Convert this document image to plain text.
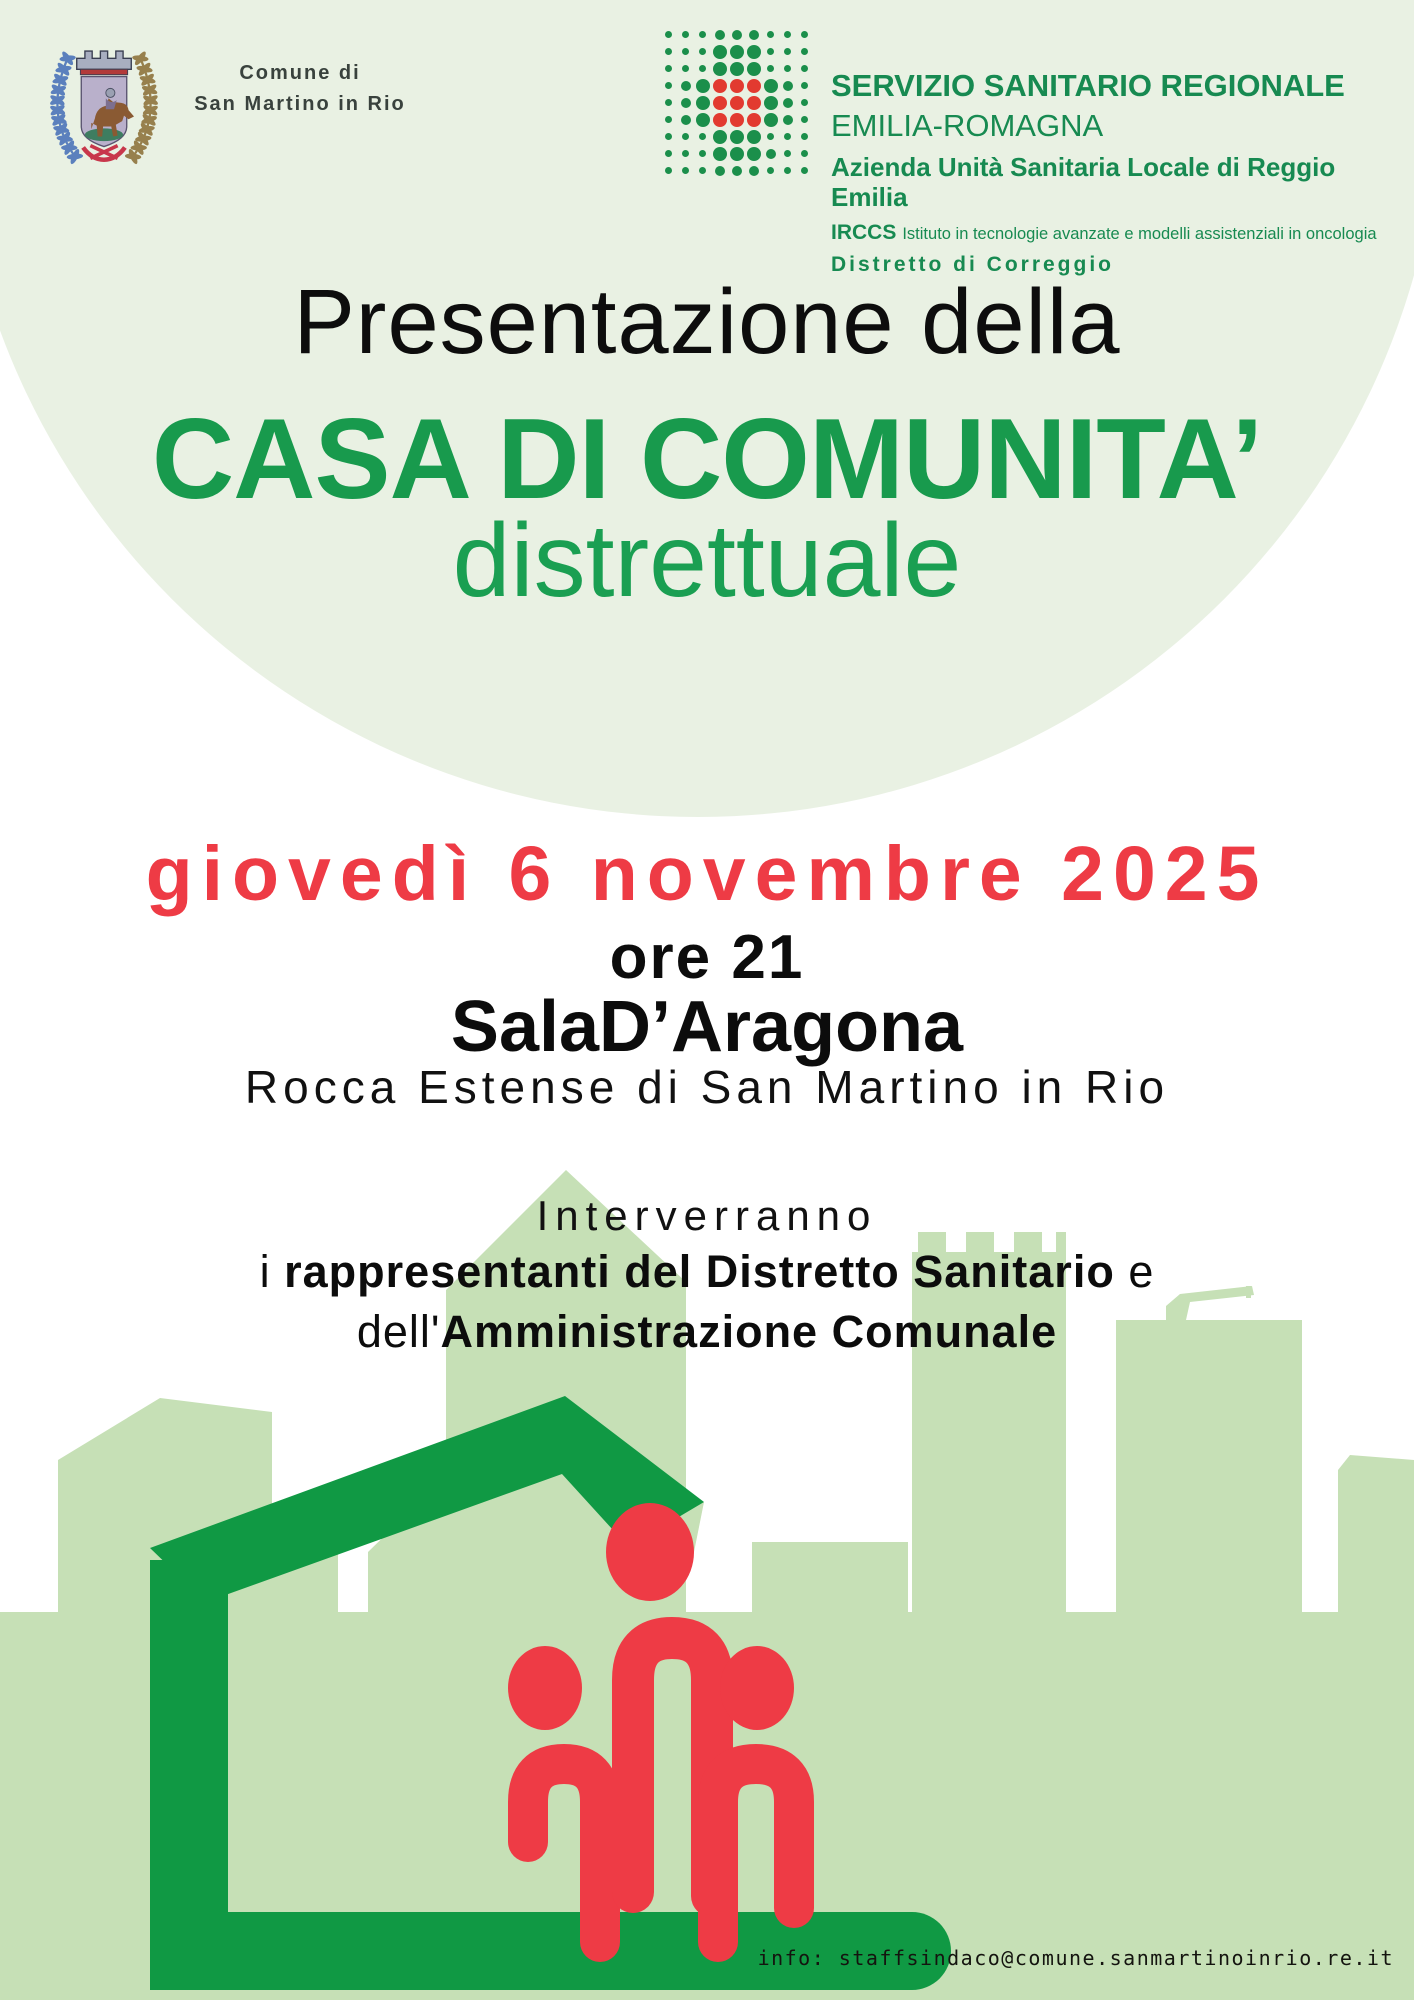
Comune di
San Martino in Rio
SERVIZIO SANITARIO REGIONALE
EMILIA-ROMAGNA
Azienda Unità Sanitaria Locale di Reggio Emilia
IRCCS Istituto in tecnologie avanzate e modelli assistenziali in oncologia
Distretto di Correggio
Presentazione della
CASA DI COMUNITA’
distrettuale
giovedì 6 novembre 2025
ore 21
SalaD’Aragona
Rocca Estense di San Martino in Rio
Interverranno
i rappresentanti del Distretto Sanitario e
dell'Amministrazione Comunale
info: staffsindaco@comune.sanmartinoinrio.re.it
